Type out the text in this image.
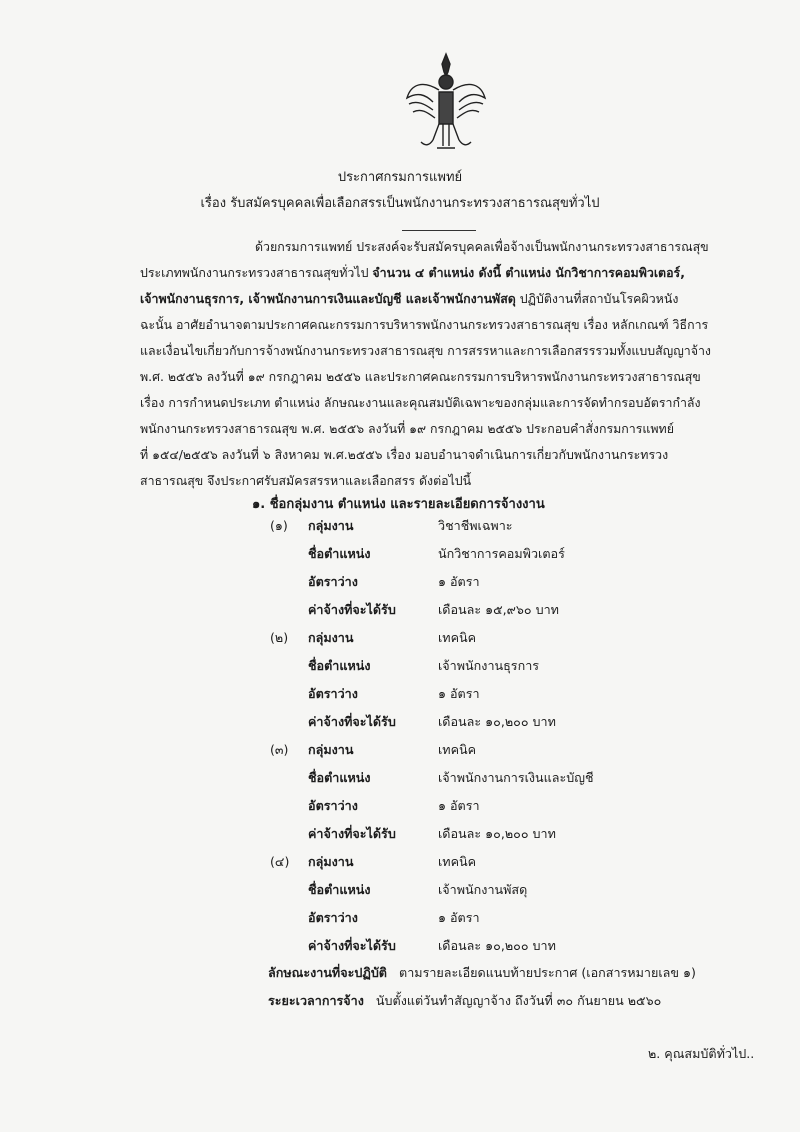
ประกาศกรมการแพทย์
เรื่อง รับสมัครบุคคลเพื่อเลือกสรรเป็นพนักงานกระทรวงสาธารณสุขทั่วไป
ด้วยกรมการแพทย์ ประสงค์จะรับสมัครบุคคลเพื่อจ้างเป็นพนักงานกระทรวงสาธารณสุข
ประเภทพนักงานกระทรวงสาธารณสุขทั่วไป จำนวน ๔ ตำแหน่ง ดังนี้ ตำแหน่ง นักวิชาการคอมพิวเตอร์,
เจ้าพนักงานธุรการ, เจ้าพนักงานการเงินและบัญชี และเจ้าพนักงานพัสดุ ปฏิบัติงานที่สถาบันโรคผิวหนัง
ฉะนั้น อาศัยอำนาจตามประกาศคณะกรรมการบริหารพนักงานกระทรวงสาธารณสุข เรื่อง หลักเกณฑ์ วิธีการ
และเงื่อนไขเกี่ยวกับการจ้างพนักงานกระทรวงสาธารณสุข การสรรหาและการเลือกสรรรวมทั้งแบบสัญญาจ้าง
พ.ศ. ๒๕๕๖ ลงวันที่ ๑๙ กรกฎาคม ๒๕๕๖ และประกาศคณะกรรมการบริหารพนักงานกระทรวงสาธารณสุข
เรื่อง การกำหนดประเภท ตำแหน่ง ลักษณะงานและคุณสมบัติเฉพาะของกลุ่มและการจัดทำกรอบอัตรากำลัง
พนักงานกระทรวงสาธารณสุข พ.ศ. ๒๕๕๖ ลงวันที่ ๑๙ กรกฎาคม ๒๕๕๖ ประกอบคำสั่งกรมการแพทย์
ที่ ๑๕๔/๒๕๕๖ ลงวันที่ ๖ สิงหาคม พ.ศ.๒๕๕๖ เรื่อง มอบอำนาจดำเนินการเกี่ยวกับพนักงานกระทรวง
สาธารณสุข จึงประกาศรับสมัครสรรหาและเลือกสรร ดังต่อไปนี้
๑. ชื่อกลุ่มงาน ตำแหน่ง และรายละเอียดการจ้างงาน
(๑) กลุ่มงาน	วิชาชีพเฉพาะ
ชื่อตำแหน่ง	นักวิชาการคอมพิวเตอร์
อัตราว่าง	๑ อัตรา
ค่าจ้างที่จะได้รับ	เดือนละ ๑๕,๙๖๐ บาท
(๒) กลุ่มงาน	เทคนิค
ชื่อตำแหน่ง	เจ้าพนักงานธุรการ
อัตราว่าง	๑ อัตรา
ค่าจ้างที่จะได้รับ	เดือนละ ๑๐,๒๐๐ บาท
(๓) กลุ่มงาน	เทคนิค
ชื่อตำแหน่ง	เจ้าพนักงานการเงินและบัญชี
อัตราว่าง	๑ อัตรา
ค่าจ้างที่จะได้รับ	เดือนละ ๑๐,๒๐๐ บาท
(๔) กลุ่มงาน	เทคนิค
ชื่อตำแหน่ง	เจ้าพนักงานพัสดุ
อัตราว่าง	๑ อัตรา
ค่าจ้างที่จะได้รับ	เดือนละ ๑๐,๒๐๐ บาท
ลักษณะงานที่จะปฏิบัติ ตามรายละเอียดแนบท้ายประกาศ (เอกสารหมายเลข ๑)
ระยะเวลาการจ้าง นับตั้งแต่วันทำสัญญาจ้าง ถึงวันที่ ๓๐ กันยายน ๒๕๖๐
๒. คุณสมบัติทั่วไป..
